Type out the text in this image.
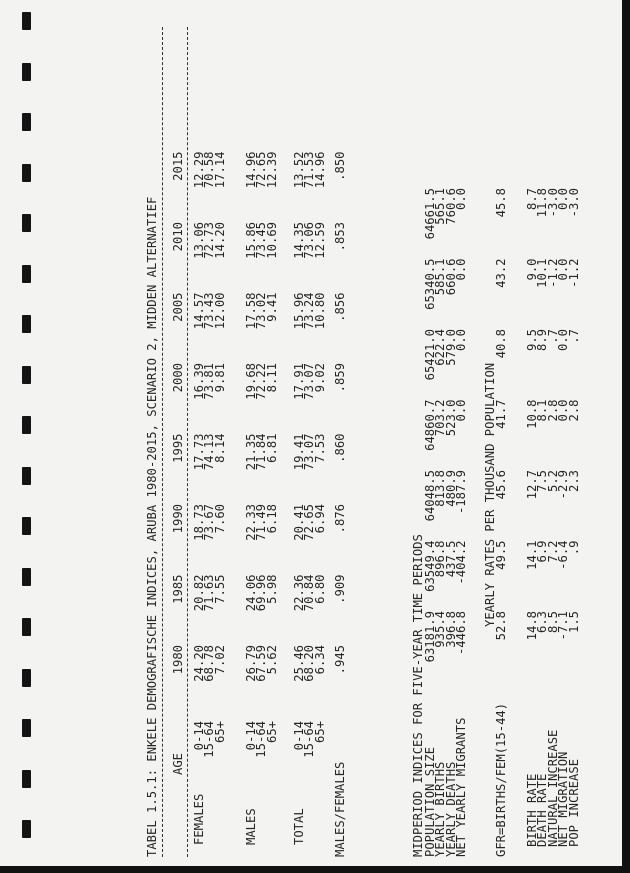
TABEL 1.5.1: ENKELE DEMOGRAFISCHE INDICES, ARUBA 1980-2015, SCENARIO 2, MIDDEN ALTERNATIEF AGE	MIDPERIOD INDICES FOR FIVE-YEAR TIME PERIODS
YEARLY RATES PER THOUSAND POPULATION
GFR=BIRTHS/FEM(15-44)
MALES/FEMALES
1980
1985
1990
1995
2000
2005
2010
2015
FEMALES
0-14
24.20
20.82
18.73
17.73
16.39
14.57
13.06
12.29
15-64
68.78
71.63
73.67
74.13
73.81
73.43
72.73
70.58
65+
7.02
7.55
7.60
8.14
9.81
12.00
14.20
17.14
MALES
0-14
26.79
24.06
22.33
21.35
19.68
17.58
15.86
14.96
15-64
67.59
69.96
71.49
71.84
72.22
73.02
73.45
72.65
65+
5.62
5.98
6.18
6.81
8.11
9.41
10.69
12.39
TOTAL
0-14
25.46
22.36
20.41
19.41
17.91
15.96
14.35
13.52
15-64
68.20
70.84
72.65
73.07
73.07
73.24
73.06
71.53
65+
6.34
6.80
6.94
7.53
9.02
10.80
12.59
14.96
.945
.909
.876
.860
.859
.856
.853
.850
POPULATION SIZE
63181.9
63549.4
64048.5
64860.7
65421.0
65340.5
64661.5
YEARLY BIRTHS
935.4
896.8
813.8
703.2
622.4
585.1
565.1
YEARLY DEATHS
396.8
437.5
480.9
523.0
579.0
660.6
760.6
NET YEARLY MIGRANTS
-446.8
-404.2
-187.9
0.0
0.0
0.0
0.0
52.8
49.5
45.6
41.7
40.8
43.2
45.8
BIRTH RATE
14.8
14.1
12.7
10.8
9.5
9.0
8.7
DEATH RATE
6.3
6.9
7.5
8.1
8.9
10.1
11.8
NATURAL INCREASE
8.5
7.2
5.2
2.8
.7
-1.2
-3.0
NET MIGRATION
-7.1
-6.4
-2.9
0.0
0.0
0.0
0.0
POP INCREASE
1.5
.9
2.3
2.8
.7
-1.2
-3.0
